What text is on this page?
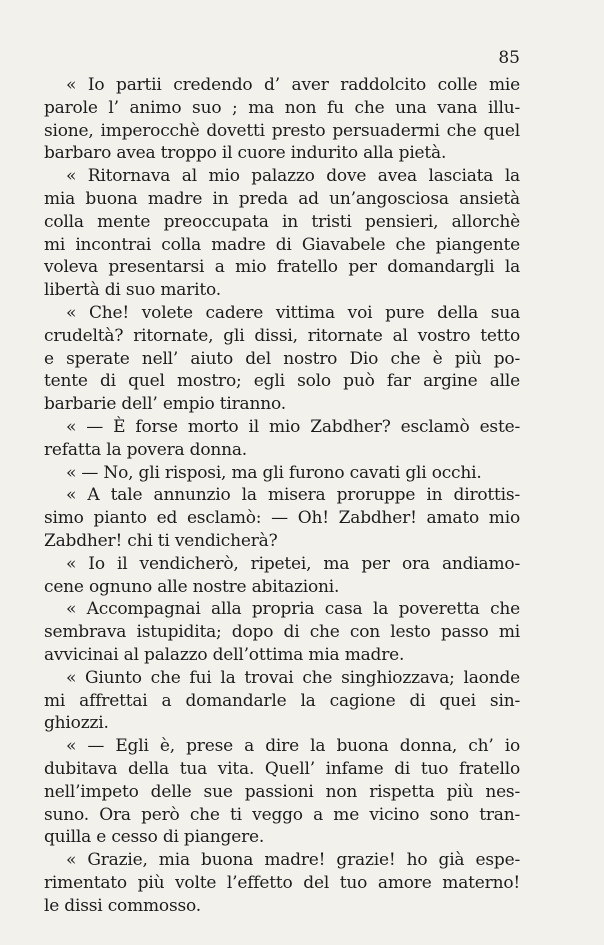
85
« Io partii credendo d’ aver raddolcito colle mie
parole l’ animo suo ; ma non fu che una vana illu-
sione, imperocchè dovetti presto persuadermi che quel
barbaro avea troppo il cuore indurito alla pietà.
« Ritornava al mio palazzo dove avea lasciata la
mia buona madre in preda ad un’angosciosa ansietà
colla mente preoccupata in tristi pensieri, allorchè
mi incontrai colla madre di Giavabele che piangente
voleva presentarsi a mio fratello per domandargli la
libertà di suo marito.
« Che! volete cadere vittima voi pure della sua
crudeltà? ritornate, gli dissi, ritornate al vostro tetto
e sperate nell’ aiuto del nostro Dio che è più po-
tente di quel mostro; egli solo può far argine alle
barbarie dell’ empio tiranno.
« — È forse morto il mio Zabdher? esclamò este-
refatta la povera donna.
« — No, gli risposi, ma gli furono cavati gli occhi.
« A tale annunzio la misera proruppe in dirottis-
simo pianto ed esclamò: — Oh! Zabdher! amato mio
Zabdher! chi ti vendicherà?
« Io il vendicherò, ripetei, ma per ora andiamo-
cene ognuno alle nostre abitazioni.
« Accompagnai alla propria casa la poveretta che
sembrava istupidita; dopo di che con lesto passo mi
avvicinai al palazzo dell’ottima mia madre.
« Giunto che fui la trovai che singhiozzava; laonde
mi affrettai a domandarle la cagione di quei sin-
ghiozzi.
« — Egli è, prese a dire la buona donna, ch’ io
dubitava della tua vita. Quell’ infame di tuo fratello
nell’impeto delle sue passioni non rispetta più nes-
suno. Ora però che ti veggo a me vicino sono tran-
quilla e cesso di piangere.
« Grazie, mia buona madre! grazie! ho già espe-
rimentato più volte l’effetto del tuo amore materno!
le dissi commosso.
